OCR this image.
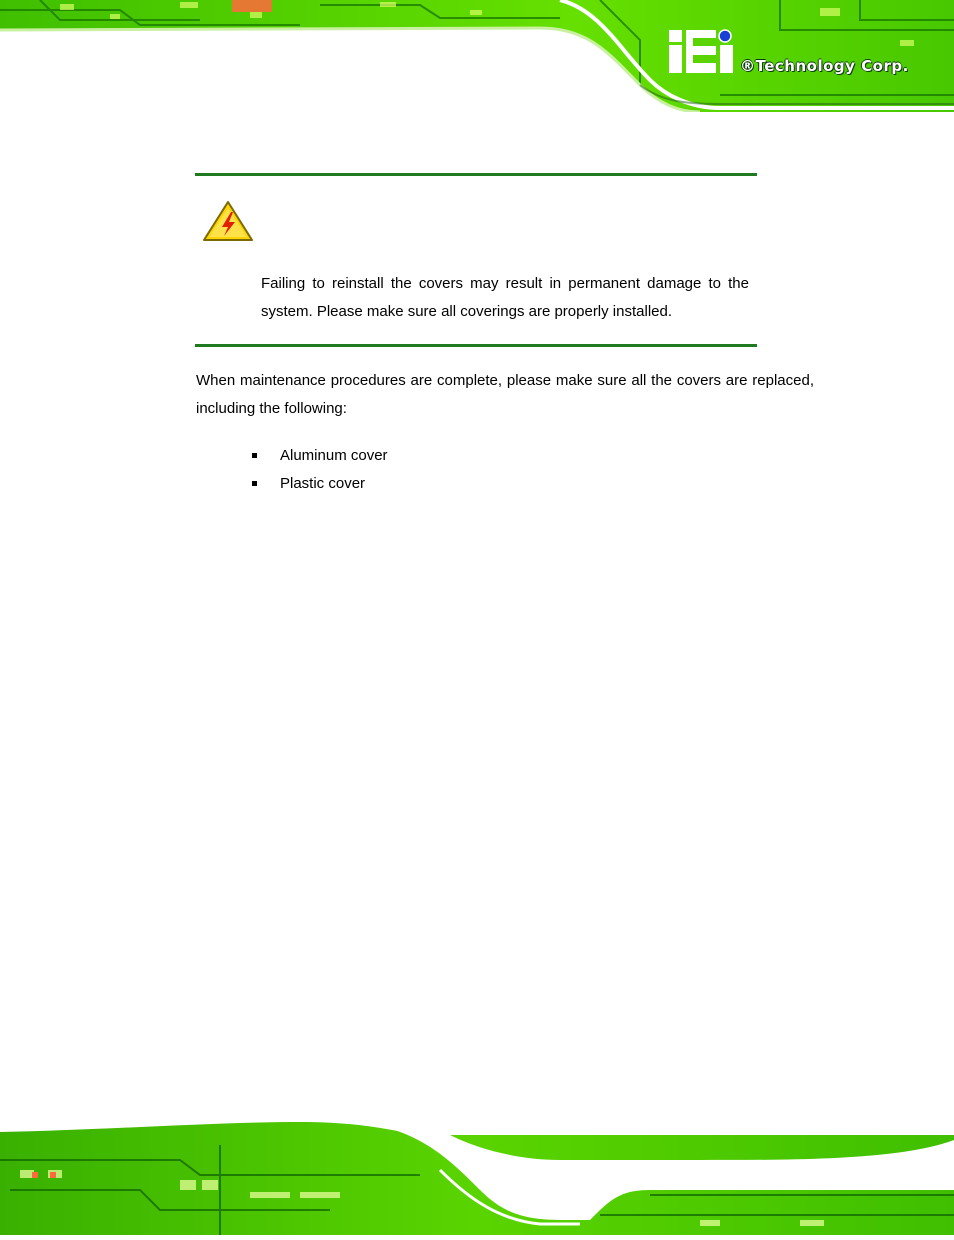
®Technology Corp.

Failing to reinstall the covers may result in permanent damage to the system. Please make sure all coverings are properly installed.

When maintenance procedures are complete, please make sure all the covers are replaced, including the following:

Aluminum cover
Plastic cover
